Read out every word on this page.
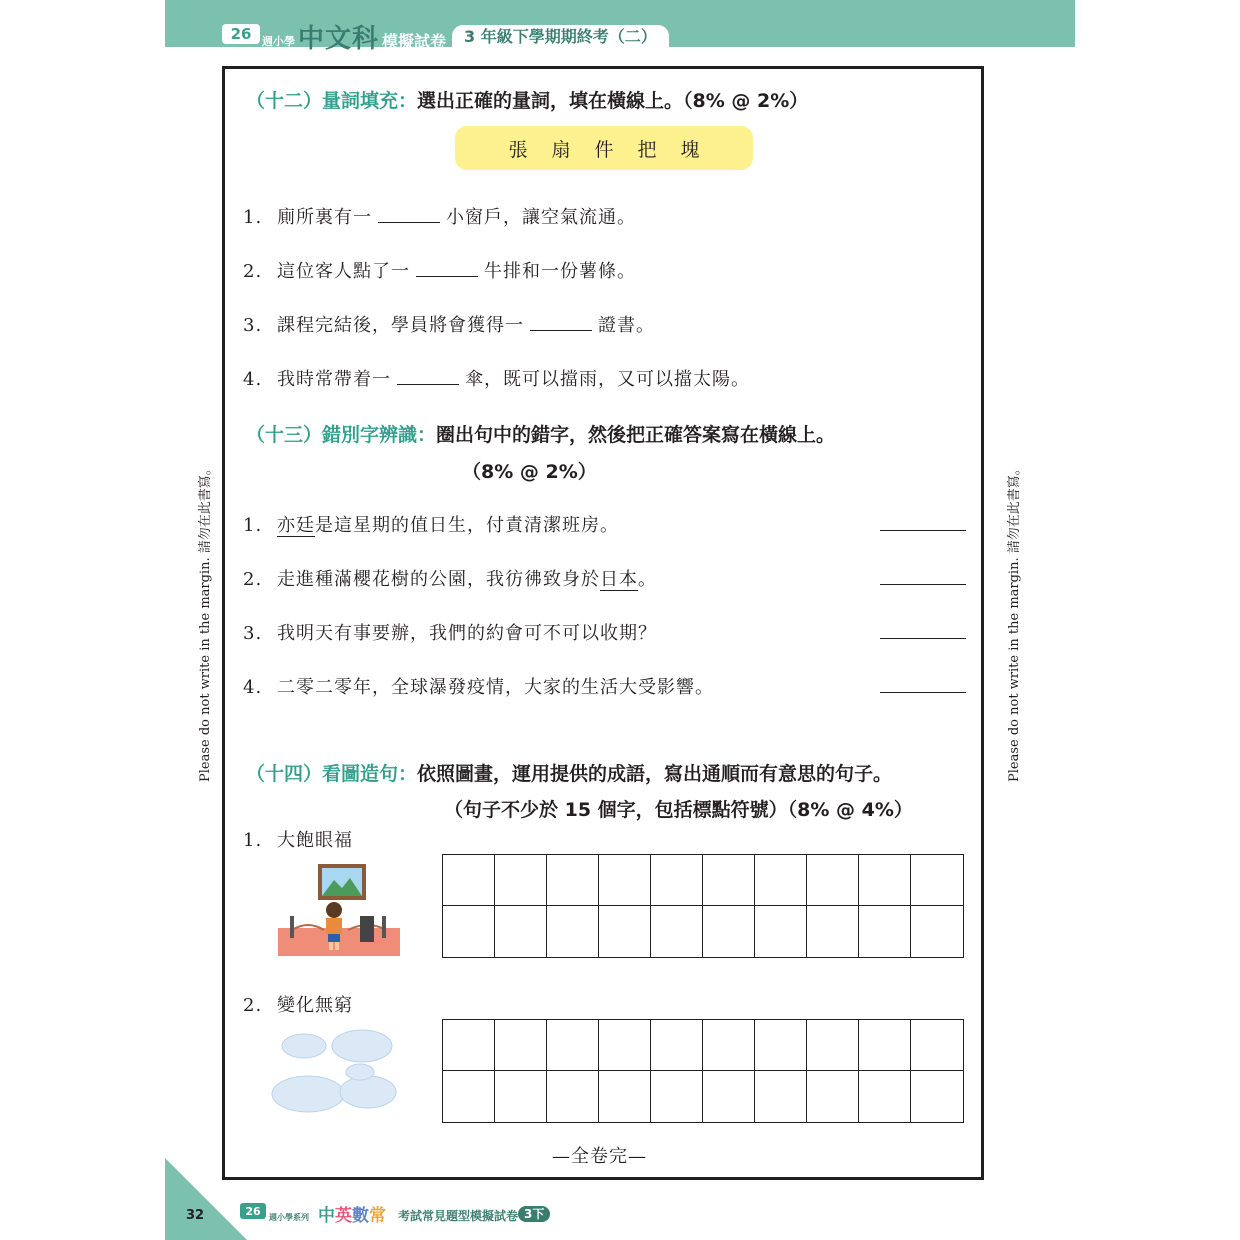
26 週小學 中文科 模擬試卷	3 年級下學期期終考（二）
Please do not write in the margin. 請勿在此書寫。	Please do not write in the margin. 請勿在此書寫。
（十二）量詞填充：選出正確的量詞，填在橫線上。（8% @ 2%）
張 扇 件 把 塊
1. 廁所裏有一	小窗戶，讓空氣流通。
2. 這位客人點了一	牛排和一份薯條。
3. 課程完結後，學員將會獲得一	證書。
4. 我時常帶着一	傘，既可以擋雨，又可以擋太陽。
（十三）錯別字辨識：圈出句中的錯字，然後把正確答案寫在橫線上。
（8% @ 2%）
1. 亦廷是這星期的值日生，付責清潔班房。
2. 走進種滿櫻花樹的公園，我彷彿致身於日本。
3. 我明天有事要辦，我們的約會可不可以收期？
4. 二零二零年，全球瀑發疫情，大家的生活大受影響。
（十四）看圖造句：依照圖畫，運用提供的成語，寫出通順而有意思的句子。
（句子不少於 15 個字，包括標點符號）（8% @ 4%）
1. 大飽眼福
2. 變化無窮
—全卷完—
32	26	週小學系列 中英數常 考試常見題型模擬試卷 3下
